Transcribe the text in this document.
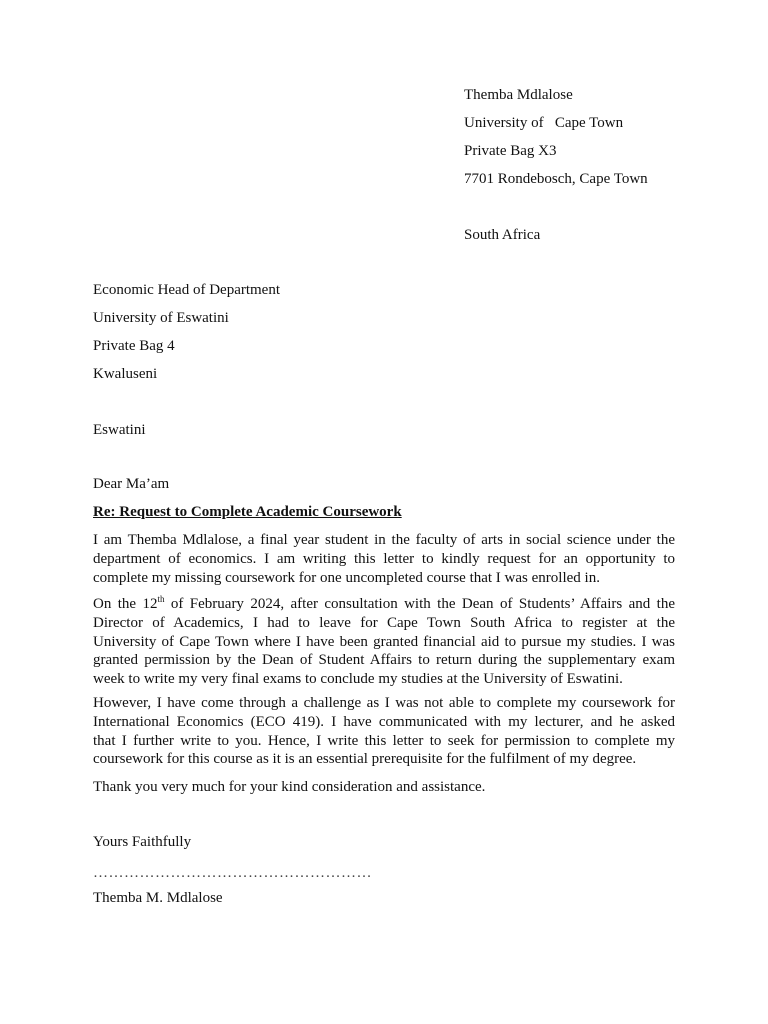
Themba Mdlalose
University of   Cape Town
Private Bag X3
7701 Rondebosch, Cape Town
South Africa
Economic Head of Department
University of Eswatini
Private Bag 4
Kwaluseni
Eswatini
Dear Ma’am
Re: Request to Complete Academic Coursework
I am Themba Mdlalose, a final year student in the faculty of arts in social science under the
department of economics. I am writing this letter to kindly request for an opportunity to
complete my missing coursework for one uncompleted course that I was enrolled in.
On the 12th of February 2024, after consultation with the Dean of Students’ Affairs and the
Director of Academics, I had to leave for Cape Town South Africa to register at the
University of Cape Town where I have been granted financial aid to pursue my studies. I was
granted permission by the Dean of Student Affairs to return during the supplementary exam
week to write my very final exams to conclude my studies at the University of Eswatini.
However, I have come through a challenge as I was not able to complete my coursework for
International Economics (ECO 419). I have communicated with my lecturer, and he asked
that I further write to you. Hence, I write this letter to seek for permission to complete my
coursework for this course as it is an essential prerequisite for the fulfilment of my degree.
Thank you very much for your kind consideration and assistance.
Yours Faithfully
………………………………………………
Themba M. Mdlalose
